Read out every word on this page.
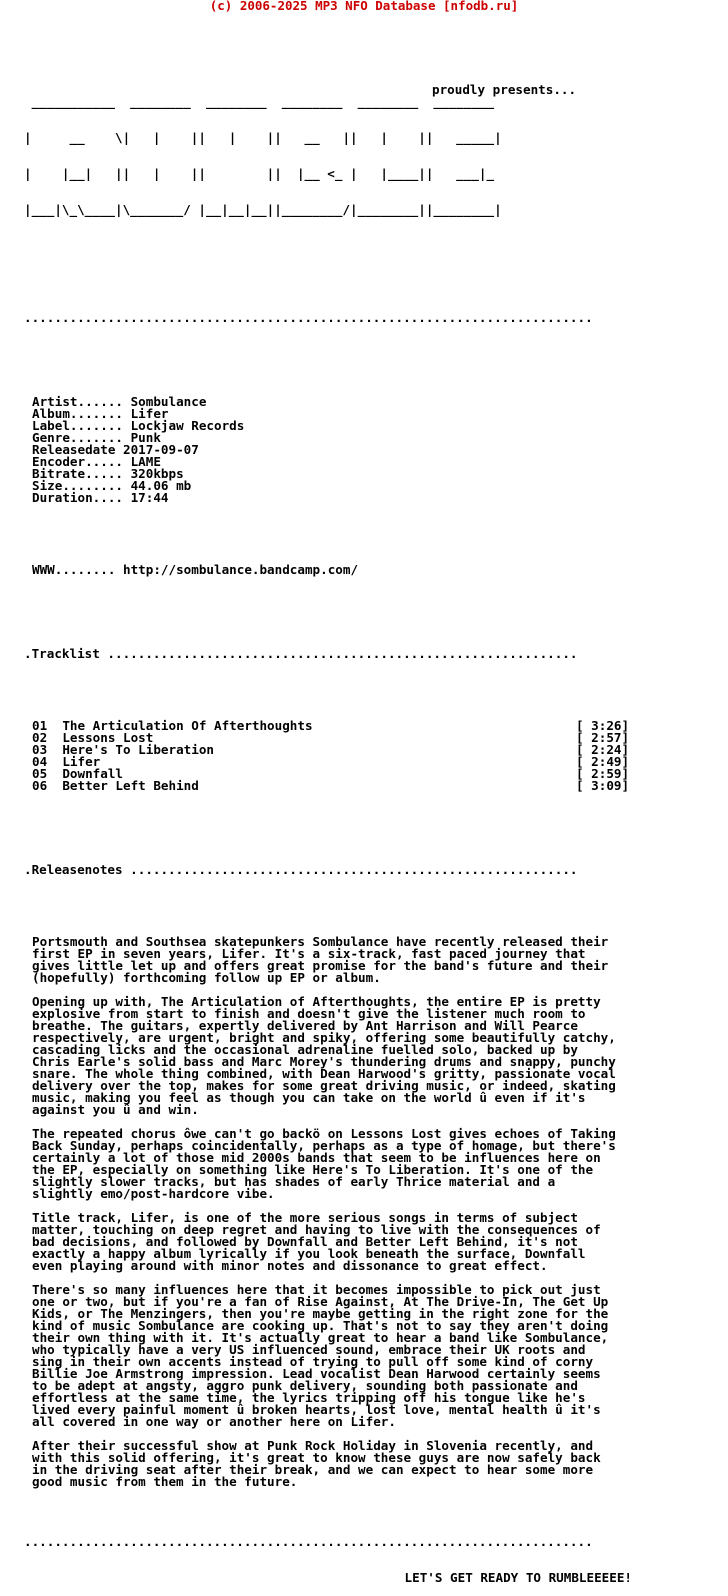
(c) 2006-2025 MP3 NFO Database [nfodb.ru]

___________  ________  ________  ________  ________  ________

|     __    \|   |    ||   |    ||   __   ||   |    ||   _____|

|    |__|   ||   |    ||        ||  |__ <_ |   |____||   ___|_

|___|\_\____|\_______/ |__|__|__||________/|________||________|

proudly presents...

...........................................................................

Artist...... Sombulance
Album....... Lifer
Label....... Lockjaw Records
Genre....... Punk
Releasedate 2017-09-07
Encoder..... LAME
Bitrate..... 320kbps
Size........ 44.06 mb
Duration.... 17:44

WWW........ http://sombulance.bandcamp.com/

.Tracklist ..............................................................

01 The Articulation Of Afterthoughts	[ 3:26]
02 Lessons Lost	[ 2:57]
03 Here's To Liberation	[ 2:24]
04 Lifer	[ 2:49]
05 Downfall	[ 2:59]
06 Better Left Behind	[ 3:09]

.Releasenotes ...........................................................

Portsmouth and Southsea skatepunkers Sombulance have recently released their
first EP in seven years, Lifer. It's a six-track, fast paced journey that
gives little let up and offers great promise for the band's future and their
(hopefully) forthcoming follow up EP or album.

Opening up with, The Articulation of Afterthoughts, the entire EP is pretty
explosive from start to finish and doesn't give the listener much room to
breathe. The guitars, expertly delivered by Ant Harrison and Will Pearce
respectively, are urgent, bright and spiky, offering some beautifully catchy,
cascading licks and the occasional adrenaline fuelled solo, backed up by
Chris Earle's solid bass and Marc Morey's thundering drums and snappy, punchy
snare. The whole thing combined, with Dean Harwood's gritty, passionate vocal
delivery over the top, makes for some great driving music, or indeed, skating
music, making you feel as though you can take on the world û even if it's
against you û and win.

The repeated chorus ôwe can't go backö on Lessons Lost gives echoes of Taking
Back Sunday, perhaps coincidentally, perhaps as a type of homage, but there's
certainly a lot of those mid 2000s bands that seem to be influences here on
the EP, especially on something like Here's To Liberation. It's one of the
slightly slower tracks, but has shades of early Thrice material and a
slightly emo/post-hardcore vibe.

Title track, Lifer, is one of the more serious songs in terms of subject
matter, touching on deep regret and having to live with the consequences of
bad decisions, and followed by Downfall and Better Left Behind, it's not
exactly a happy album lyrically if you look beneath the surface, Downfall
even playing around with minor notes and dissonance to great effect.

There's so many influences here that it becomes impossible to pick out just
one or two, but if you're a fan of Rise Against, At The Drive-In, The Get Up
Kids, or The Menzingers, then you're maybe getting in the right zone for the
kind of music Sombulance are cooking up. That's not to say they aren't doing
their own thing with it. It's actually great to hear a band like Sombulance,
who typically have a very US influenced sound, embrace their UK roots and
sing in their own accents instead of trying to pull off some kind of corny
Billie Joe Armstrong impression. Lead vocalist Dean Harwood certainly seems
to be adept at angsty, aggro punk delivery, sounding both passionate and
effortless at the same time, the lyrics tripping off his tongue like he's
lived every painful moment û broken hearts, lost love, mental health û it's
all covered in one way or another here on Lifer.

After their successful show at Punk Rock Holiday in Slovenia recently, and
with this solid offering, it's great to know these guys are now safely back
in the driving seat after their break, and we can expect to hear some more
good music from them in the future.

...........................................................................

LET'S GET READY TO RUMBLEEEEE!
